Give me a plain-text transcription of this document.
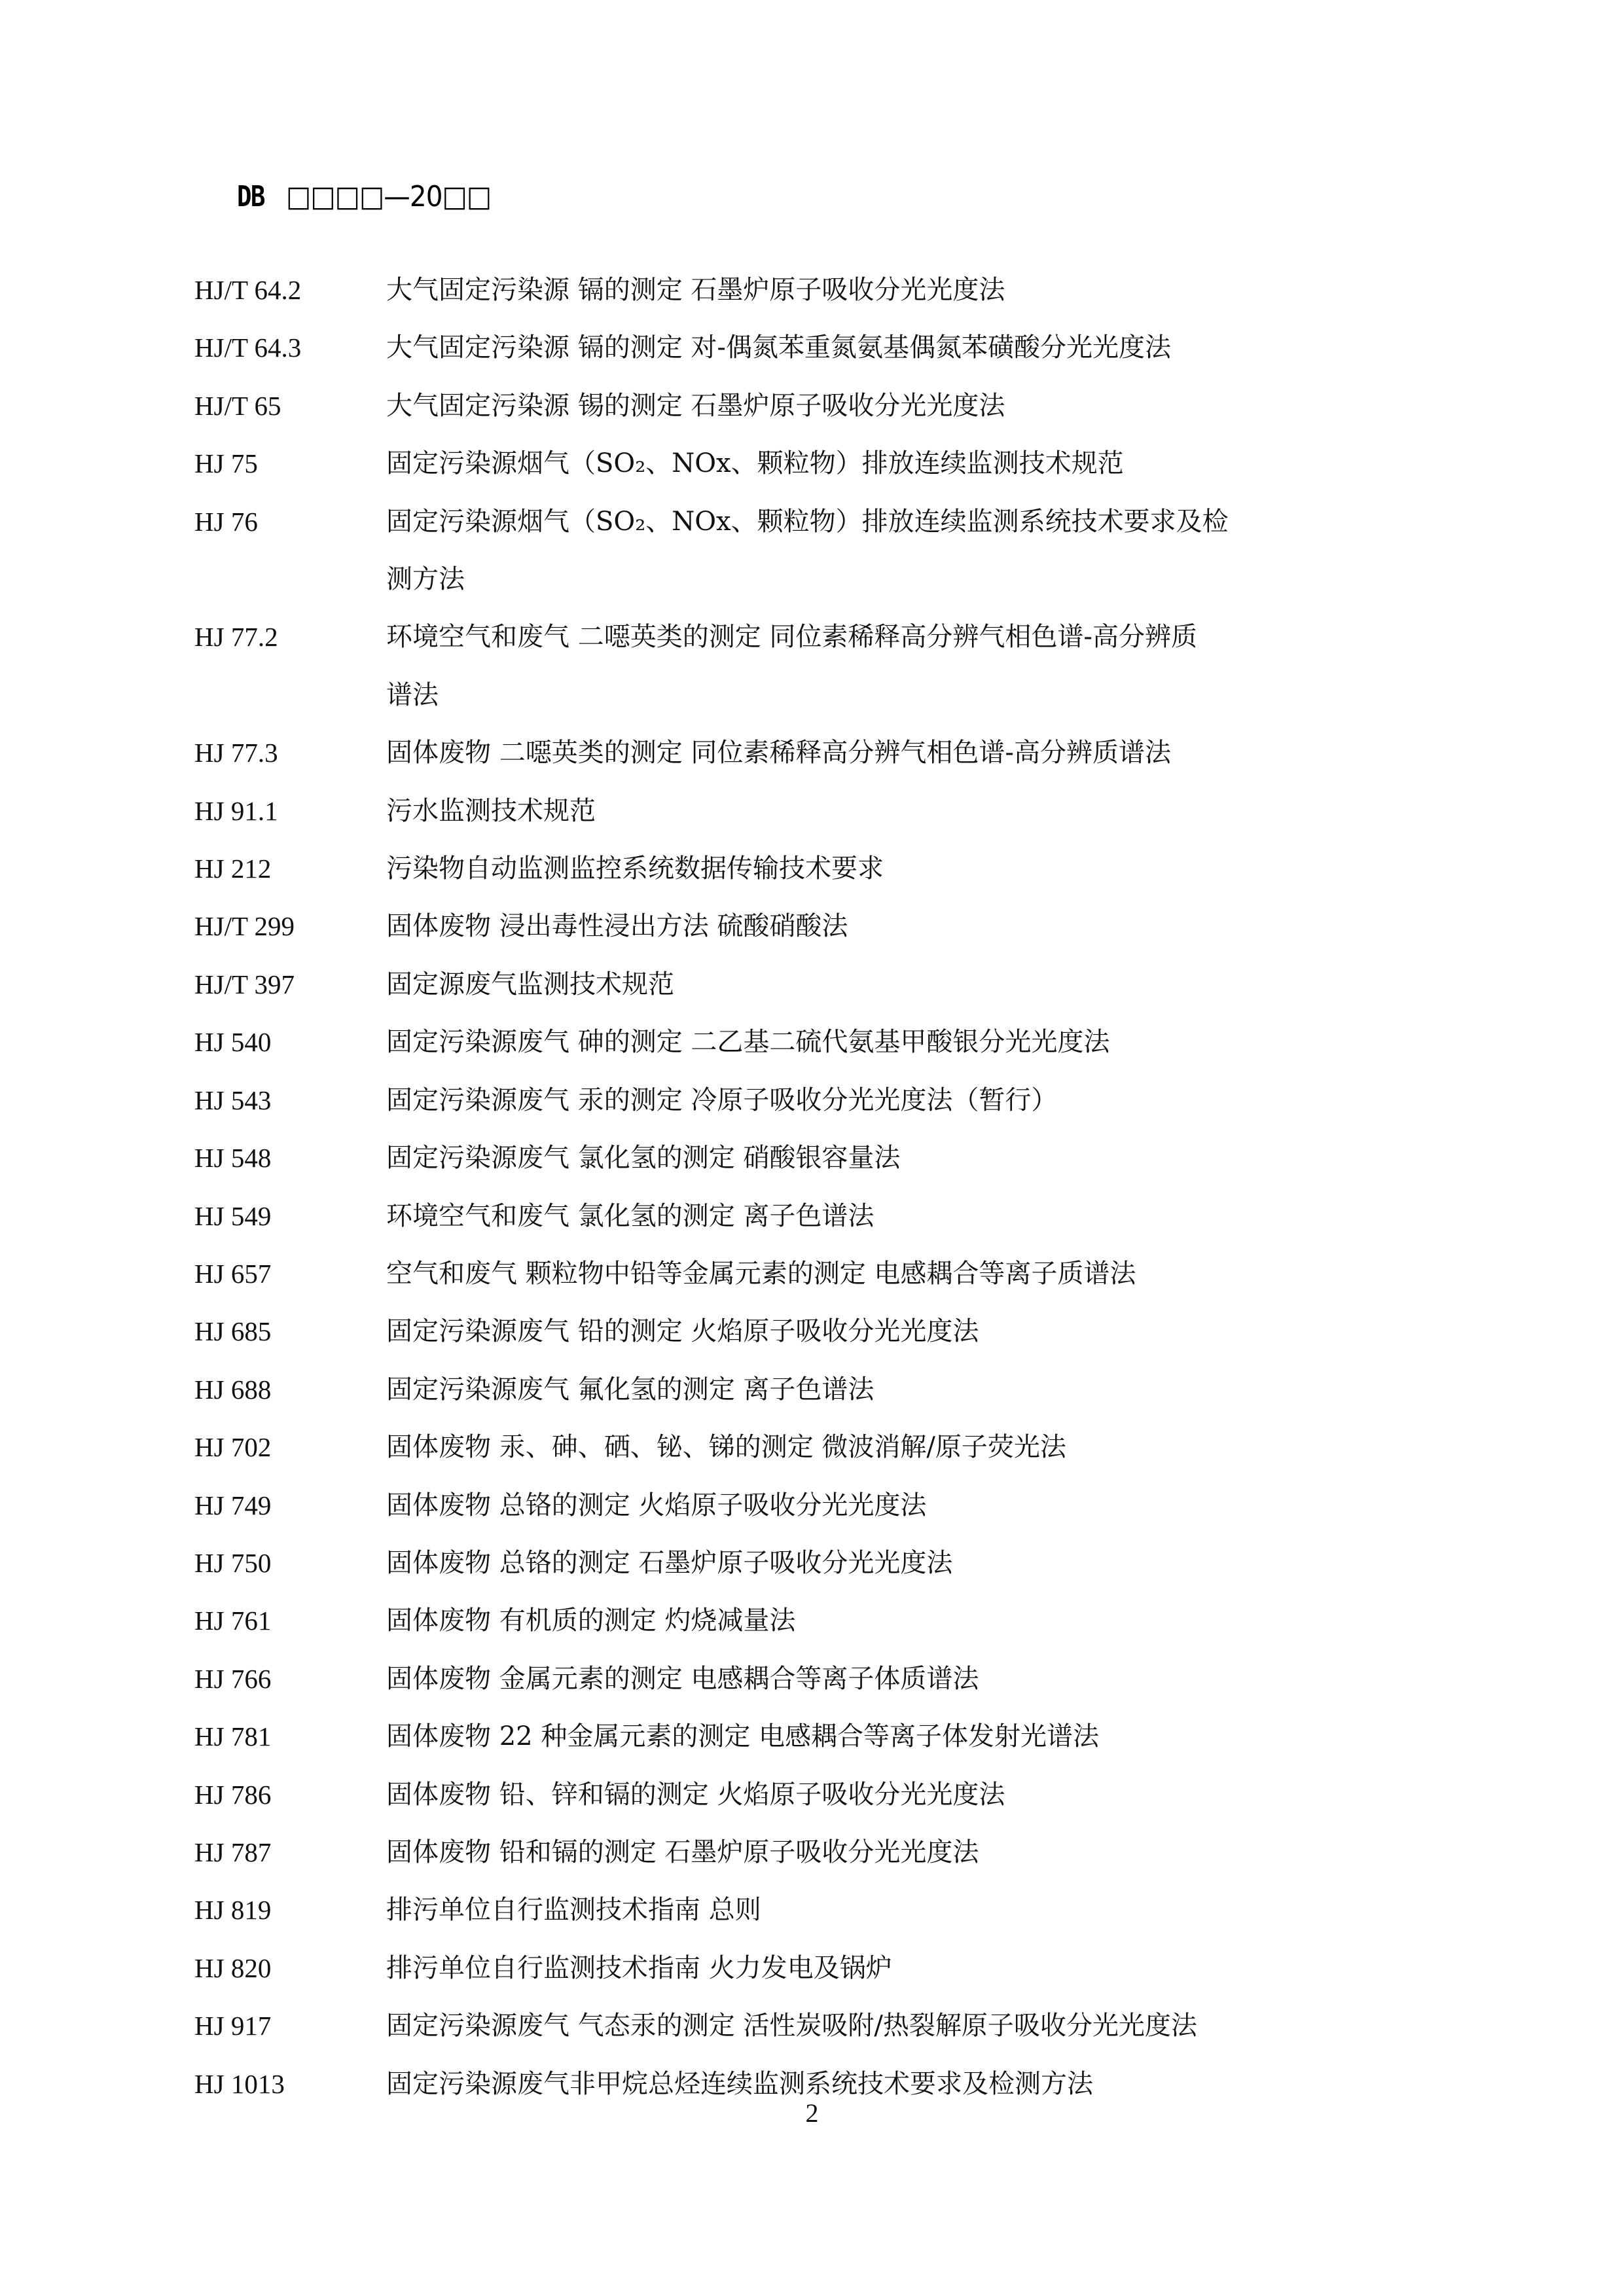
DB □□□□—20□□
HJ/T 64.2	大气固定污染源 镉的测定 石墨炉原子吸收分光光度法
HJ/T 64.3	大气固定污染源 镉的测定 对-偶氮苯重氮氨基偶氮苯磺酸分光光度法
HJ/T 65	大气固定污染源 锡的测定 石墨炉原子吸收分光光度法
HJ 75	固定污染源烟气（SO₂、NOx、颗粒物）排放连续监测技术规范
HJ 76	固定污染源烟气（SO₂、NOx、颗粒物）排放连续监测系统技术要求及检
测方法
HJ 77.2	环境空气和废气 二噁英类的测定 同位素稀释高分辨气相色谱-高分辨质
谱法
HJ 77.3	固体废物 二噁英类的测定 同位素稀释高分辨气相色谱-高分辨质谱法
HJ 91.1	污水监测技术规范
HJ 212	污染物自动监测监控系统数据传输技术要求
HJ/T 299	固体废物 浸出毒性浸出方法 硫酸硝酸法
HJ/T 397	固定源废气监测技术规范
HJ 540	固定污染源废气 砷的测定 二乙基二硫代氨基甲酸银分光光度法
HJ 543	固定污染源废气 汞的测定 冷原子吸收分光光度法（暂行）
HJ 548	固定污染源废气 氯化氢的测定 硝酸银容量法
HJ 549	环境空气和废气 氯化氢的测定 离子色谱法
HJ 657	空气和废气 颗粒物中铅等金属元素的测定 电感耦合等离子质谱法
HJ 685	固定污染源废气 铅的测定 火焰原子吸收分光光度法
HJ 688	固定污染源废气 氟化氢的测定 离子色谱法
HJ 702	固体废物 汞、砷、硒、铋、锑的测定 微波消解/原子荧光法
HJ 749	固体废物 总铬的测定 火焰原子吸收分光光度法
HJ 750	固体废物 总铬的测定 石墨炉原子吸收分光光度法
HJ 761	固体废物 有机质的测定 灼烧减量法
HJ 766	固体废物 金属元素的测定 电感耦合等离子体质谱法
HJ 781	固体废物 22 种金属元素的测定 电感耦合等离子体发射光谱法
HJ 786	固体废物 铅、锌和镉的测定 火焰原子吸收分光光度法
HJ 787	固体废物 铅和镉的测定 石墨炉原子吸收分光光度法
HJ 819	排污单位自行监测技术指南 总则
HJ 820	排污单位自行监测技术指南 火力发电及锅炉
HJ 917	固定污染源废气 气态汞的测定 活性炭吸附/热裂解原子吸收分光光度法
HJ 1013	固定污染源废气非甲烷总烃连续监测系统技术要求及检测方法
2
